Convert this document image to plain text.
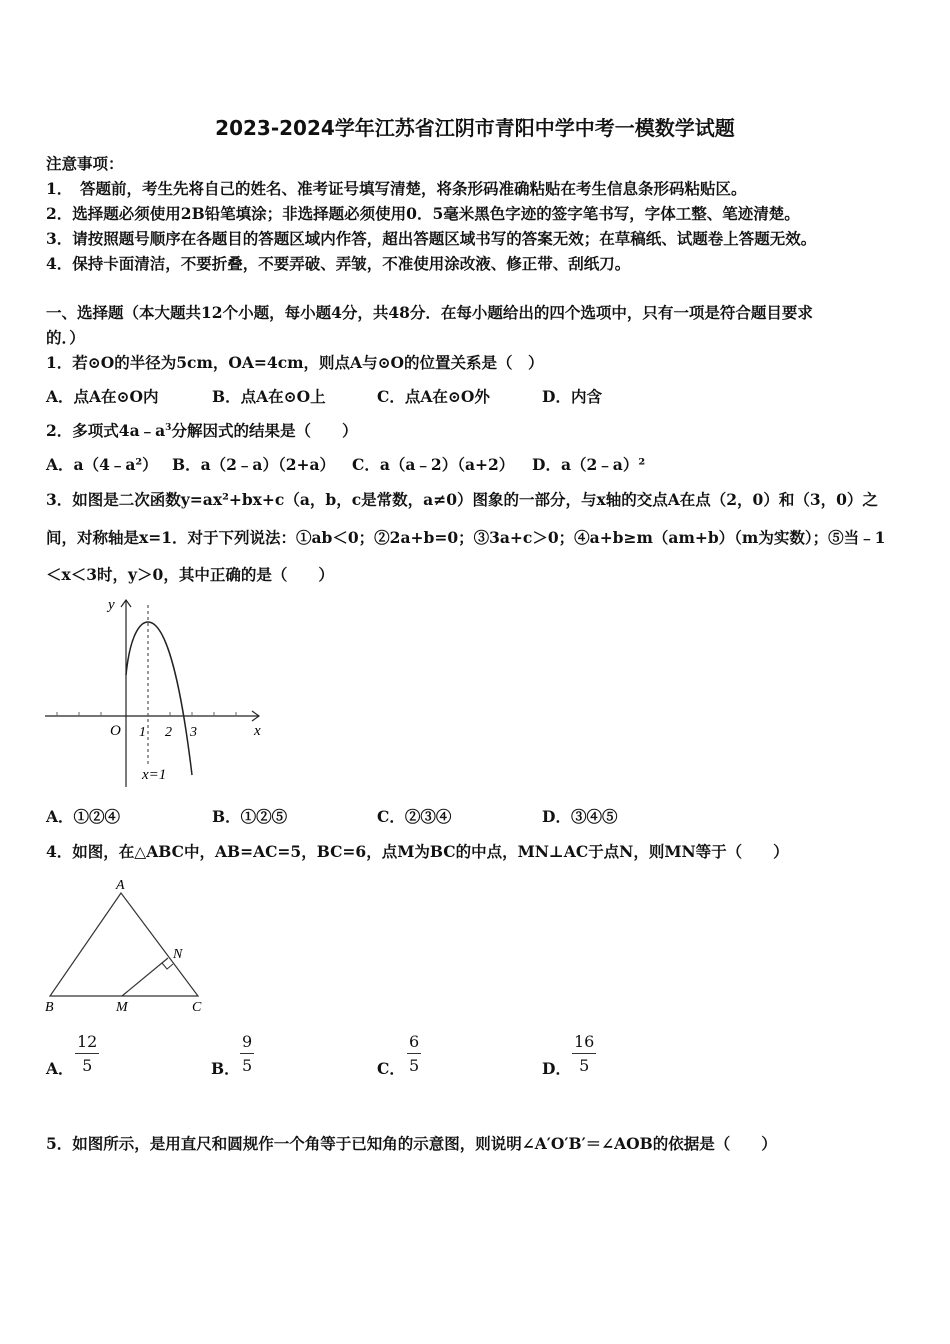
2023-2024学年江苏省江阴市青阳中学中考一模数学试题
注意事项：
1．　答题前，考生先将自己的姓名、准考证号填写清楚，将条形码准确粘贴在考生信息条形码粘贴区。
2．选择题必须使用2B铅笔填涂；非选择题必须使用0．5毫米黑色字迹的签字笔书写，字体工整、笔迹清楚。
3．请按照题号顺序在各题目的答题区域内作答，超出答题区域书写的答案无效；在草稿纸、试题卷上答题无效。
4．保持卡面清洁，不要折叠，不要弄破、弄皱，不准使用涂改液、修正带、刮纸刀。
一、选择题（本大题共12个小题，每小题4分，共48分．在每小题给出的四个选项中，只有一项是符合题目要求
的．）
1．若⊙O的半径为5cm，OA=4cm，则点A与⊙O的位置关系是（　）
A．点A在⊙O内	B．点A在⊙O上	C．点A在⊙O外	D．内含
2．多项式$4a﹣a^3$分解因式的结果是（　　）
A．a（4﹣a²） B．a（2﹣a）（2+a） C．a（a﹣2）（a+2） D．a（2﹣a）²
3．如图是二次函数y=ax²+bx+c（a，b，c是常数，a≠0）图象的一部分，与x轴的交点A在点（2，0）和（3，0）之
间，对称轴是x=1．对于下列说法：①ab＜0；②2a+b=0；③3a+c＞0；④a+b≥m（am+b）（m为实数）；⑤当﹣1
＜x＜3时，y＞0，其中正确的是（　　）
y
x
O 1 2 3
x=1
A．①②④	B．①②⑤	C．②③④	D．③④⑤
4．如图，在△ABC中，AB=AC=5，BC=6，点M为BC的中点，MN⊥AC于点N，则MN等于（　　）
A
B	C
M
N
A． $\frac{12}{5}$	B． $\frac{9}{5}$	C． $\frac{6}{5}$	D． $\frac{16}{5}$
5．如图所示，是用直尺和圆规作一个角等于已知角的示意图，则说明∠A′O′B′＝∠AOB的依据是（　　）
